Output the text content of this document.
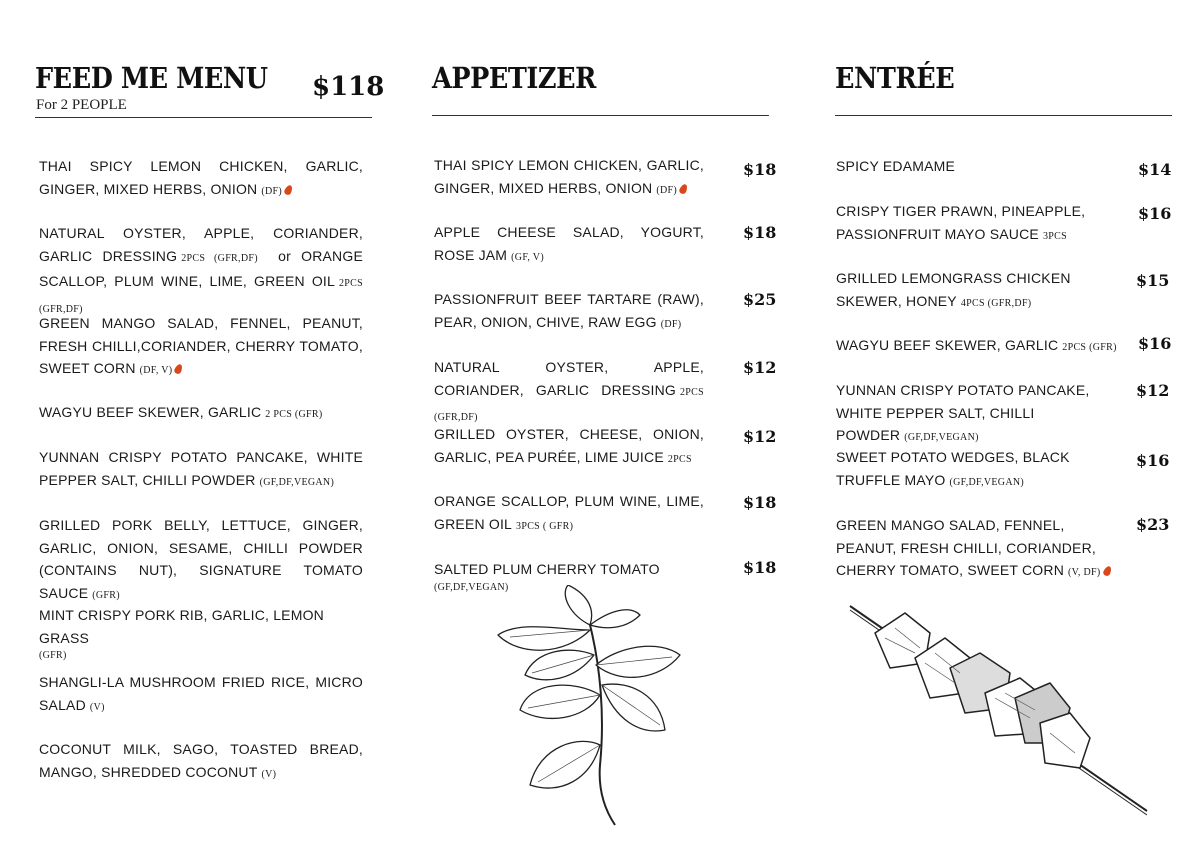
FEED ME MENU
For 2 PEOPLE
$118
THAI SPICY LEMON CHICKEN, GARLIC, GINGER, MIXED HERBS, ONION (DF)
NATURAL OYSTER, APPLE, CORIANDER, GARLIC DRESSING 2PCS (GFR,DF) or ORANGE SCALLOP, PLUM WINE, LIME, GREEN OIL 2PCS (GFR,DF)
GREEN MANGO SALAD, FENNEL, PEANUT, FRESH CHILLI,CORIANDER, CHERRY TOMATO, SWEET CORN (DF, V)
WAGYU BEEF SKEWER, GARLIC 2 PCS (GFR)
YUNNAN CRISPY POTATO PANCAKE, WHITE PEPPER SALT, CHILLI POWDER (GF,DF,VEGAN)
GRILLED PORK BELLY, LETTUCE, GINGER, GARLIC, ONION, SESAME, CHILLI POWDER (CONTAINS NUT), SIGNATURE TOMATO SAUCE (GFR)
MINT CRISPY PORK RIB, GARLIC, LEMON GRASS
(GFR)
SHANGLI-LA MUSHROOM FRIED RICE, MICRO SALAD (V)
COCONUT MILK, SAGO, TOASTED BREAD, MANGO, SHREDDED COCONUT (V)
APPETIZER
THAI SPICY LEMON CHICKEN, GARLIC, GINGER, MIXED HERBS, ONION (DF)
$18
APPLE CHEESE SALAD, YOGURT, ROSE JAM (GF, V)
$18
PASSIONFRUIT BEEF TARTARE (RAW), PEAR, ONION, CHIVE, RAW EGG (DF)
$25
NATURAL OYSTER, APPLE, CORIANDER, GARLIC DRESSING 2PCS (GFR,DF)
$12
GRILLED OYSTER, CHEESE, ONION, GARLIC, PEA PURÉE, LIME JUICE 2PCS
$12
ORANGE SCALLOP, PLUM WINE, LIME, GREEN OIL 3PCS ( GFR)
$18
SALTED PLUM CHERRY TOMATO
(GF,DF,VEGAN)
$18
ENTRÉE
SPICY EDAMAME	$14
CRISPY TIGER PRAWN, PINEAPPLE, PASSIONFRUIT MAYO SAUCE 3PCS
$16
GRILLED LEMONGRASS CHICKEN SKEWER, HONEY 4PCS (GFR,DF)
$15
WAGYU BEEF SKEWER, GARLIC 2PCS (GFR)	$16
YUNNAN CRISPY POTATO PANCAKE, WHITE PEPPER SALT, CHILLI POWDER (GF,DF,VEGAN)
$12
SWEET POTATO WEDGES, BLACK TRUFFLE MAYO (GF,DF,VEGAN)
$16
GREEN MANGO SALAD, FENNEL, PEANUT, FRESH CHILLI, CORIANDER, CHERRY TOMATO, SWEET CORN (V, DF)
$23
